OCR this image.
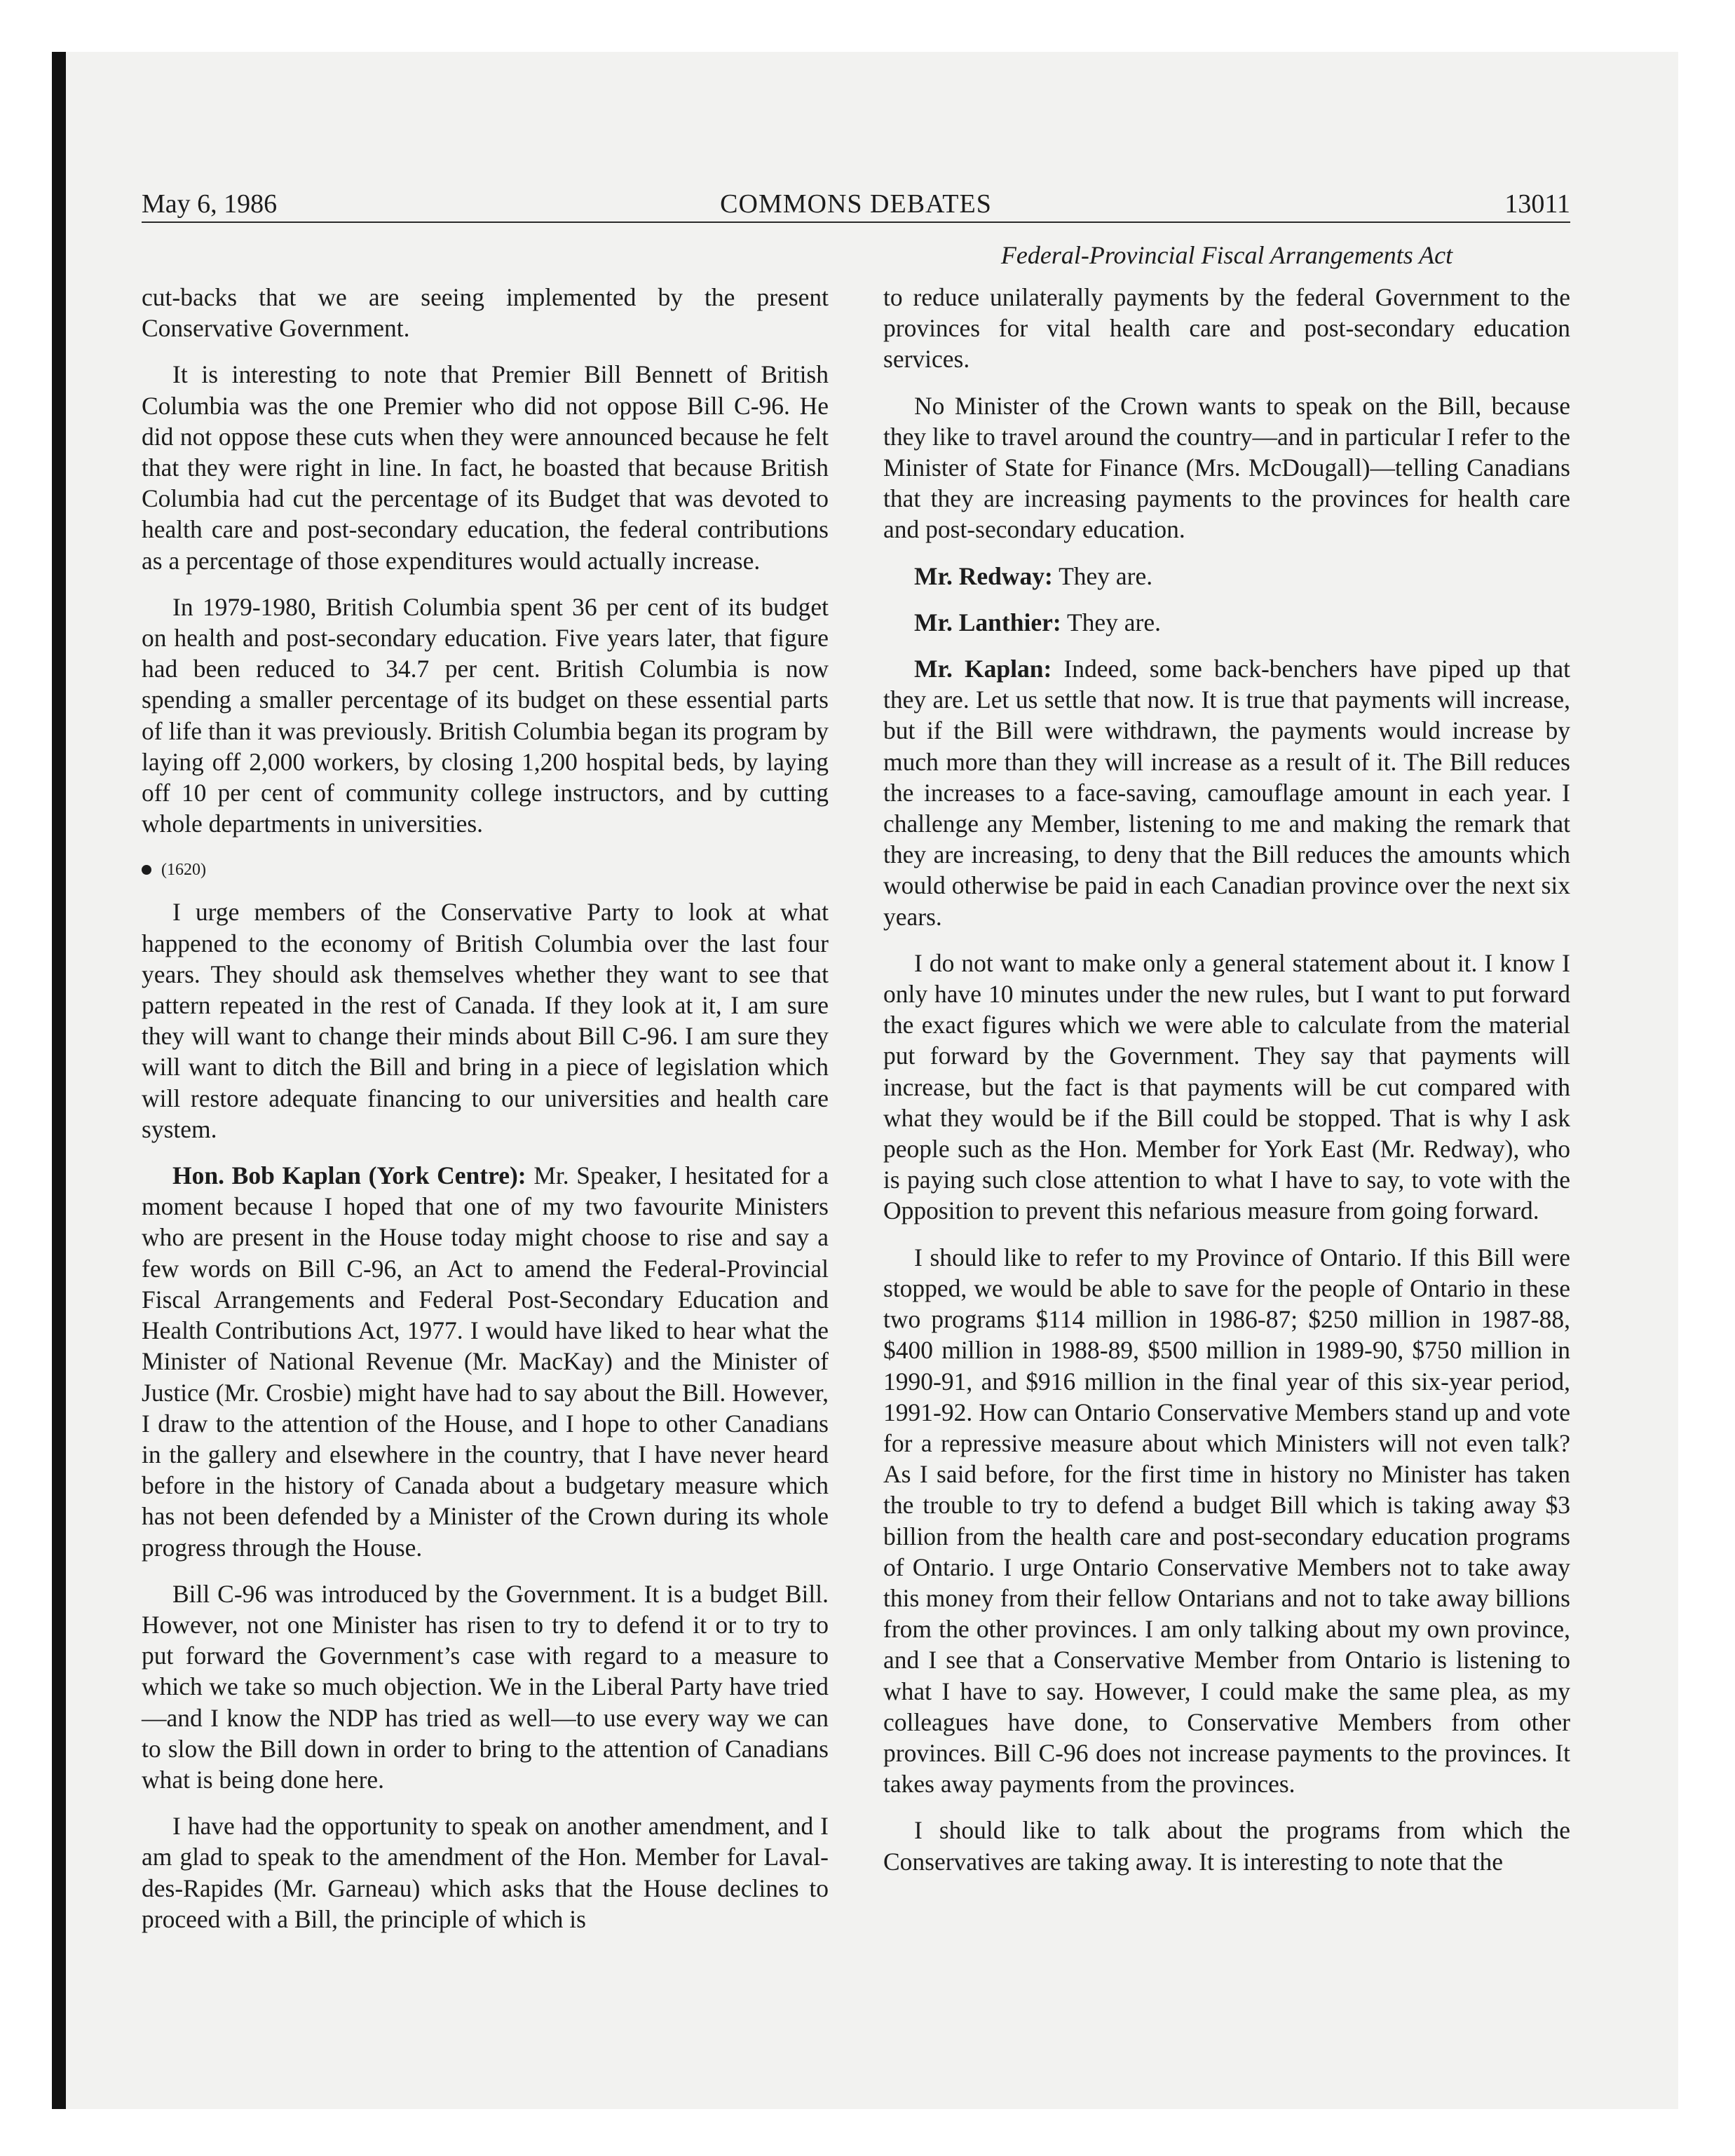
May 6, 1986	COMMONS DEBATES	13011
Federal-Provincial Fiscal Arrangements Act

cut-backs that we are seeing implemented by the present Conservative Government.

It is interesting to note that Premier Bill Bennett of British Columbia was the one Premier who did not oppose Bill C-96. He did not oppose these cuts when they were announced because he felt that they were right in line. In fact, he boasted that because British Columbia had cut the percentage of its Budget that was devoted to health care and post-secondary education, the federal contributions as a percentage of those expenditures would actually increase.

In 1979-1980, British Columbia spent 36 per cent of its budget on health and post-secondary education. Five years later, that figure had been reduced to 34.7 per cent. British Columbia is now spending a smaller percentage of its budget on these essential parts of life than it was previously. British Columbia began its program by laying off 2,000 workers, by closing 1,200 hospital beds, by laying off 10 per cent of community college instructors, and by cutting whole departments in universities.

(1620)

I urge members of the Conservative Party to look at what happened to the economy of British Columbia over the last four years. They should ask themselves whether they want to see that pattern repeated in the rest of Canada. If they look at it, I am sure they will want to change their minds about Bill C-96. I am sure they will want to ditch the Bill and bring in a piece of legislation which will restore adequate financing to our universities and health care system.

Hon. Bob Kaplan (York Centre): Mr. Speaker, I hesitated for a moment because I hoped that one of my two favourite Ministers who are present in the House today might choose to rise and say a few words on Bill C-96, an Act to amend the Federal-Provincial Fiscal Arrangements and Federal Post-Secondary Education and Health Contributions Act, 1977. I would have liked to hear what the Minister of National Revenue (Mr. MacKay) and the Minister of Justice (Mr. Crosbie) might have had to say about the Bill. However, I draw to the attention of the House, and I hope to other Canadians in the gallery and elsewhere in the country, that I have never heard before in the history of Canada about a budgetary measure which has not been defended by a Minister of the Crown during its whole progress through the House.

Bill C-96 was introduced by the Government. It is a budget Bill. However, not one Minister has risen to try to defend it or to try to put forward the Government’s case with regard to a measure to which we take so much objection. We in the Liberal Party have tried—and I know the NDP has tried as well—to use every way we can to slow the Bill down in order to bring to the attention of Canadians what is being done here.

I have had the opportunity to speak on another amendment, and I am glad to speak to the amendment of the Hon. Member for Laval-des-Rapides (Mr. Garneau) which asks that the House declines to proceed with a Bill, the principle of which is

to reduce unilaterally payments by the federal Government to the provinces for vital health care and post-secondary education services.

No Minister of the Crown wants to speak on the Bill, because they like to travel around the country—and in particular I refer to the Minister of State for Finance (Mrs. McDougall)—telling Canadians that they are increasing payments to the provinces for health care and post-secondary education.

Mr. Redway: They are.

Mr. Lanthier: They are.

Mr. Kaplan: Indeed, some back-benchers have piped up that they are. Let us settle that now. It is true that payments will increase, but if the Bill were withdrawn, the payments would increase by much more than they will increase as a result of it. The Bill reduces the increases to a face-saving, camouflage amount in each year. I challenge any Member, listening to me and making the remark that they are increasing, to deny that the Bill reduces the amounts which would otherwise be paid in each Canadian province over the next six years.

I do not want to make only a general statement about it. I know I only have 10 minutes under the new rules, but I want to put forward the exact figures which we were able to calculate from the material put forward by the Government. They say that payments will increase, but the fact is that payments will be cut compared with what they would be if the Bill could be stopped. That is why I ask people such as the Hon. Member for York East (Mr. Redway), who is paying such close attention to what I have to say, to vote with the Opposition to prevent this nefarious measure from going forward.

I should like to refer to my Province of Ontario. If this Bill were stopped, we would be able to save for the people of Ontario in these two programs $114 million in 1986-87; $250 million in 1987-88, $400 million in 1988-89, $500 million in 1989-90, $750 million in 1990-91, and $916 million in the final year of this six-year period, 1991-92. How can Ontario Conservative Members stand up and vote for a repressive measure about which Ministers will not even talk? As I said before, for the first time in history no Minister has taken the trouble to try to defend a budget Bill which is taking away $3 billion from the health care and post-secondary education programs of Ontario. I urge Ontario Conservative Members not to take away this money from their fellow Ontarians and not to take away billions from the other provinces. I am only talking about my own province, and I see that a Conservative Member from Ontario is listening to what I have to say. However, I could make the same plea, as my colleagues have done, to Conservative Members from other provinces. Bill C-96 does not increase payments to the provinces. It takes away payments from the provinces.

I should like to talk about the programs from which the Conservatives are taking away. It is interesting to note that the
